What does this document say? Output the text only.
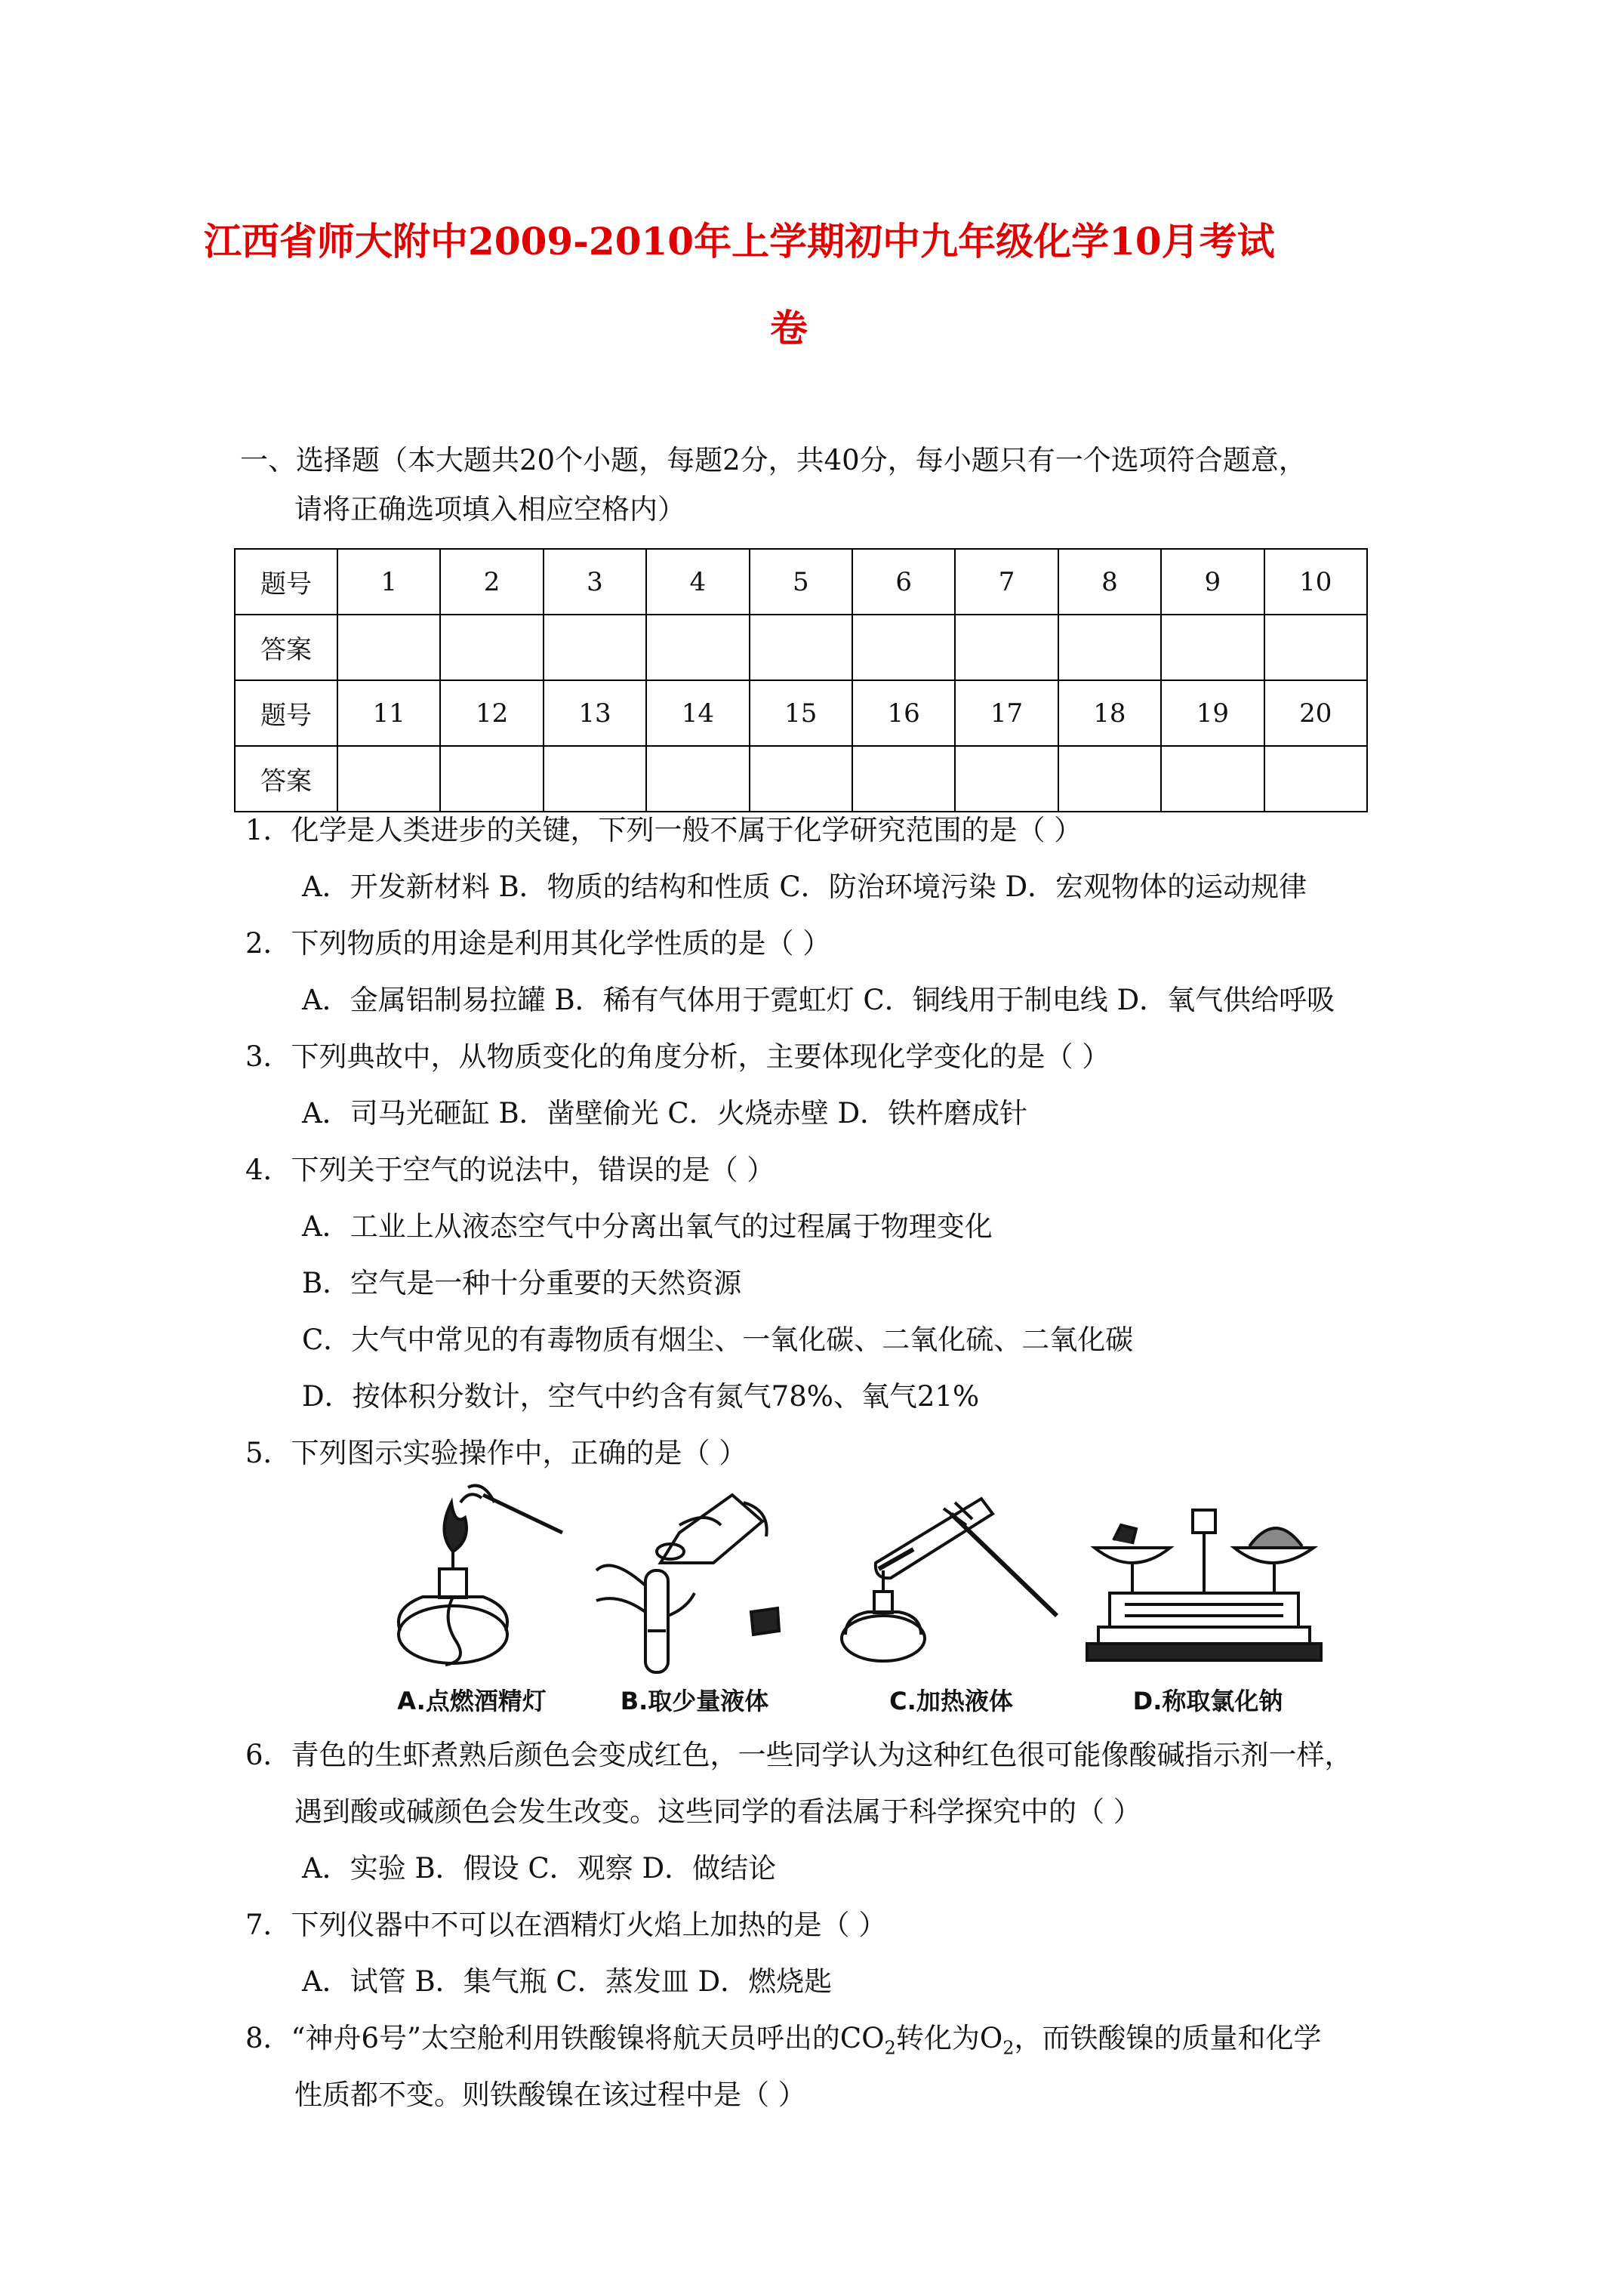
江西省师大附中2009-2010年上学期初中九年级化学10月考试
卷
一、选择题（本大题共20个小题，每题2分，共40分，每小题只有一个选项符合题意，
请将正确选项填入相应空格内）
题号	1	2	3	4	5	6	7	8	9	10
答案										
题号	11	12	13	14	15	16	17	18	19	20
答案										
1．化学是人类进步的关键，下列一般不属于化学研究范围的是（ ）
A．开发新材料 B．物质的结构和性质 C．防治环境污染 D．宏观物体的运动规律
2．下列物质的用途是利用其化学性质的是（ ）
A．金属铝制易拉罐 B．稀有气体用于霓虹灯 C．铜线用于制电线 D．氧气供给呼吸
3．下列典故中，从物质变化的角度分析，主要体现化学变化的是（ ）
A．司马光砸缸 B．凿壁偷光 C．火烧赤壁 D．铁杵磨成针
4．下列关于空气的说法中，错误的是（ ）
A．工业上从液态空气中分离出氧气的过程属于物理变化
B．空气是一种十分重要的天然资源
C．大气中常见的有毒物质有烟尘、一氧化碳、二氧化硫、二氧化碳
D．按体积分数计，空气中约含有氮气78%、氧气21%
5．下列图示实验操作中，正确的是（ ）
A.点燃酒精灯	B.取少量液体	C.加热液体	D.称取氯化钠
6．青色的生虾煮熟后颜色会变成红色，一些同学认为这种红色很可能像酸碱指示剂一样，
遇到酸或碱颜色会发生改变。这些同学的看法属于科学探究中的（ ）
A．实验 B．假设 C．观察 D．做结论
7．下列仪器中不可以在酒精灯火焰上加热的是（ ）
A．试管 B．集气瓶 C．蒸发皿 D．燃烧匙
8．“神舟6号”太空舱利用铁酸镍将航天员呼出的$CO_2$转化为$O_2$，而铁酸镍的质量和化学
性质都不变。则铁酸镍在该过程中是（ ）
